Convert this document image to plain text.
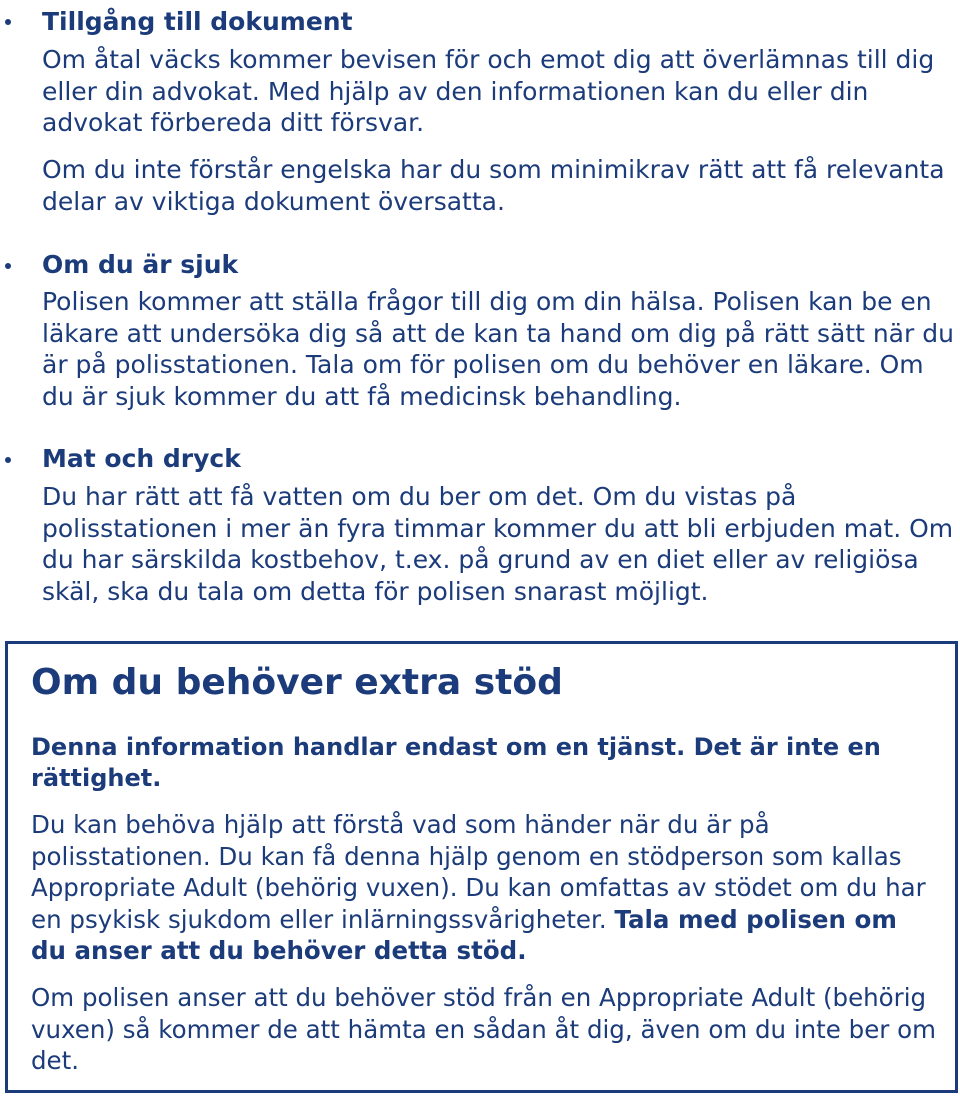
Tillgång till dokument
Om åtal väcks kommer bevisen för och emot dig att överlämnas till dig eller din advokat. Med hjälp av den informationen kan du eller din advokat förbereda ditt försvar.
Om du inte förstår engelska har du som minimikrav rätt att få relevanta delar av viktiga dokument översatta.
Om du är sjuk
Polisen kommer att ställa frågor till dig om din hälsa. Polisen kan be en läkare att undersöka dig så att de kan ta hand om dig på rätt sätt när du är på polisstationen. Tala om för polisen om du behöver en läkare. Om du är sjuk kommer du att få medicinsk behandling.
Mat och dryck
Du har rätt att få vatten om du ber om det. Om du vistas på polisstationen i mer än fyra timmar kommer du att bli erbjuden mat. Om du har särskilda kostbehov, t.ex. på grund av en diet eller av religiösa skäl, ska du tala om detta för polisen snarast möjligt.
Om du behöver extra stöd
Denna information handlar endast om en tjänst. Det är inte en rättighet.
Du kan behöva hjälp att förstå vad som händer när du är på polisstationen. Du kan få denna hjälp genom en stödperson som kallas Appropriate Adult (behörig vuxen). Du kan omfattas av stödet om du har en psykisk sjukdom eller inlärningssvårigheter. Tala med polisen om du anser att du behöver detta stöd.
Om polisen anser att du behöver stöd från en Appropriate Adult (behörig vuxen) så kommer de att hämta en sådan åt dig, även om du inte ber om det.
